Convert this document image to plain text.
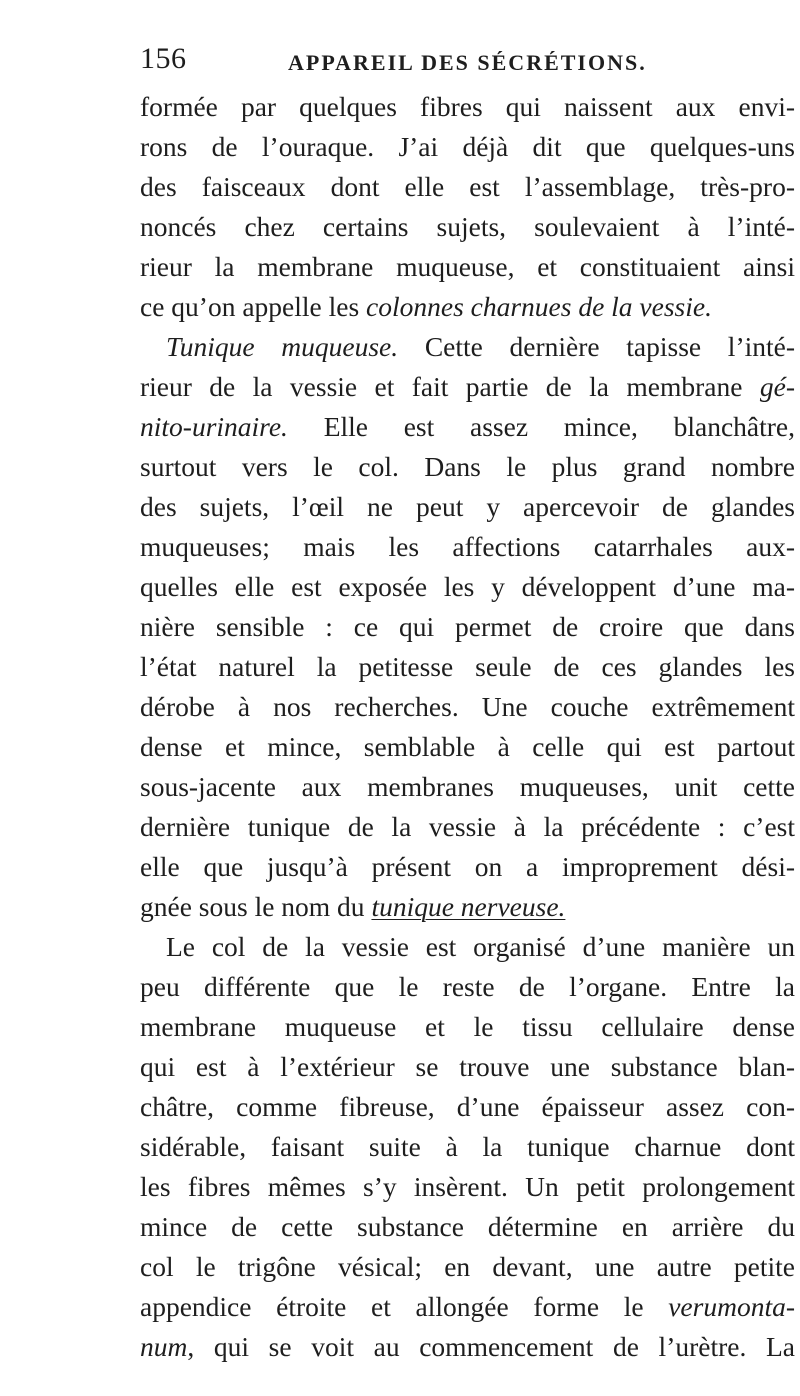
156	APPAREIL DES SÉCRÉTIONS.
formée par quelques fibres qui naissent aux envi-
rons de l’ouraque. J’ai déjà dit que quelques-uns
des faisceaux dont elle est l’assemblage, très-pro-
noncés chez certains sujets, soulevaient à l’inté-
rieur la membrane muqueuse, et constituaient ainsi
ce qu’on appelle les colonnes charnues de la vessie.
Tunique muqueuse. Cette dernière tapisse l’inté-
rieur de la vessie et fait partie de la membrane gé-
nito-urinaire. Elle est assez mince, blanchâtre,
surtout vers le col. Dans le plus grand nombre
des sujets, l’œil ne peut y apercevoir de glandes
muqueuses; mais les affections catarrhales aux-
quelles elle est exposée les y développent d’une ma-
nière sensible : ce qui permet de croire que dans
l’état naturel la petitesse seule de ces glandes les
dérobe à nos recherches. Une couche extrêmement
dense et mince, semblable à celle qui est partout
sous-jacente aux membranes muqueuses, unit cette
dernière tunique de la vessie à la précédente : c’est
elle que jusqu’à présent on a improprement dési-
gnée sous le nom du tunique nerveuse.
Le col de la vessie est organisé d’une manière un
peu différente que le reste de l’organe. Entre la
membrane muqueuse et le tissu cellulaire dense
qui est à l’extérieur se trouve une substance blan-
châtre, comme fibreuse, d’une épaisseur assez con-
sidérable, faisant suite à la tunique charnue dont
les fibres mêmes s’y insèrent. Un petit prolongement
mince de cette substance détermine en arrière du
col le trigône vésical; en devant, une autre petite
appendice étroite et allongée forme le verumonta-
num, qui se voit au commencement de l’urètre. La
